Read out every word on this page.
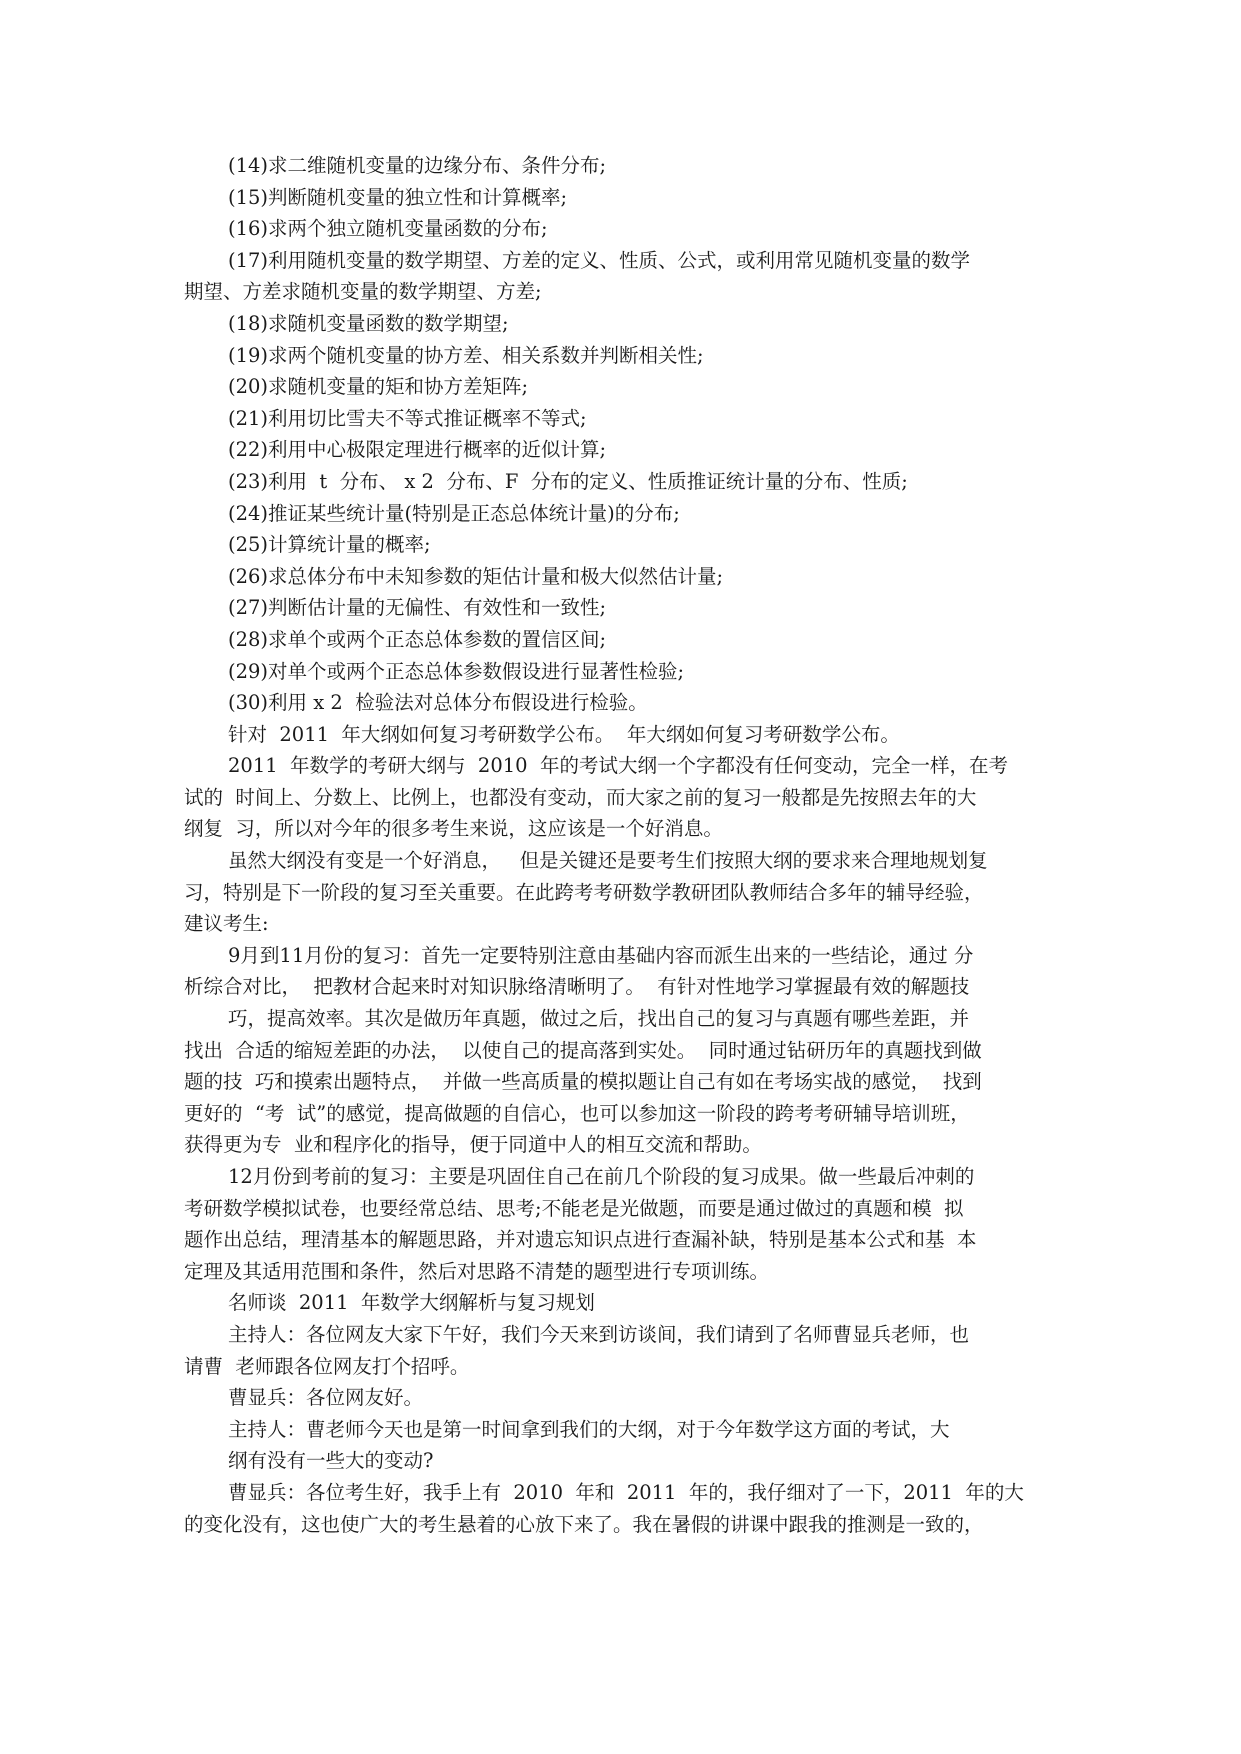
(14)求二维随机变量的边缘分布、条件分布;
(15)判断随机变量的独立性和计算概率;
(16)求两个独立随机变量函数的分布;
(17)利用随机变量的数学期望、方差的定义、性质、公式，或利用常见随机变量的数学
期望、方差求随机变量的数学期望、方差;
(18)求随机变量函数的数学期望;
(19)求两个随机变量的协方差、相关系数并判断相关性;
(20)求随机变量的矩和协方差矩阵;
(21)利用切比雪夫不等式推证概率不等式;
(22)利用中心极限定理进行概率的近似计算;
(23)利用  t  分布、 x 2  分布、F  分布的定义、性质推证统计量的分布、性质;
(24)推证某些统计量(特别是正态总体统计量)的分布;
(25)计算统计量的概率;
(26)求总体分布中未知参数的矩估计量和极大似然估计量;
(27)判断估计量的无偏性、有效性和一致性;
(28)求单个或两个正态总体参数的置信区间;
(29)对单个或两个正态总体参数假设进行显著性检验;
(30)利用 x 2  检验法对总体分布假设进行检验。
针对  2011  年大纲如何复习考研数学公布。  年大纲如何复习考研数学公布。
2011  年数学的考研大纲与  2010  年的考试大纲一个字都没有任何变动，完全一样，在考
试的  时间上、分数上、比例上，也都没有变动，而大家之前的复习一般都是先按照去年的大
纲复  习，所以对今年的很多考生来说，这应该是一个好消息。
虽然大纲没有变是一个好消息，   但是关键还是要考生们按照大纲的要求来合理地规划复
习，特别是下一阶段的复习至关重要。在此跨考考研数学教研团队教师结合多年的辅导经验，
建议考生:
9月到11月份的复习：首先一定要特别注意由基础内容而派生出来的一些结论，通过 分
析综合对比，  把教材合起来时对知识脉络清晰明了。  有针对性地学习掌握最有效的解题技
巧，提高效率。其次是做历年真题，做过之后，找出自己的复习与真题有哪些差距，并
找出  合适的缩短差距的办法，  以使自己的提高落到实处。  同时通过钻研历年的真题找到做
题的技  巧和摸索出题特点，  并做一些高质量的模拟题让自己有如在考场实战的感觉，  找到
更好的  “考  试”的感觉，提高做题的自信心，也可以参加这一阶段的跨考考研辅导培训班，
获得更为专  业和程序化的指导，便于同道中人的相互交流和帮助。
12月份到考前的复习：主要是巩固住自己在前几个阶段的复习成果。做一些最后冲刺的
考研数学模拟试卷，也要经常总结、思考;不能老是光做题，而要是通过做过的真题和模  拟
题作出总结，理清基本的解题思路，并对遗忘知识点进行查漏补缺，特别是基本公式和基  本
定理及其适用范围和条件，然后对思路不清楚的题型进行专项训练。
名师谈  2011  年数学大纲解析与复习规划
主持人：各位网友大家下午好，我们今天来到访谈间，我们请到了名师曹显兵老师，也
请曹  老师跟各位网友打个招呼。
曹显兵：各位网友好。
主持人：曹老师今天也是第一时间拿到我们的大纲，对于今年数学这方面的考试，大
纲有没有一些大的变动?
曹显兵：各位考生好，我手上有  2010  年和  2011  年的，我仔细对了一下，2011  年的大
的变化没有，这也使广大的考生悬着的心放下来了。我在暑假的讲课中跟我的推测是一致的，
